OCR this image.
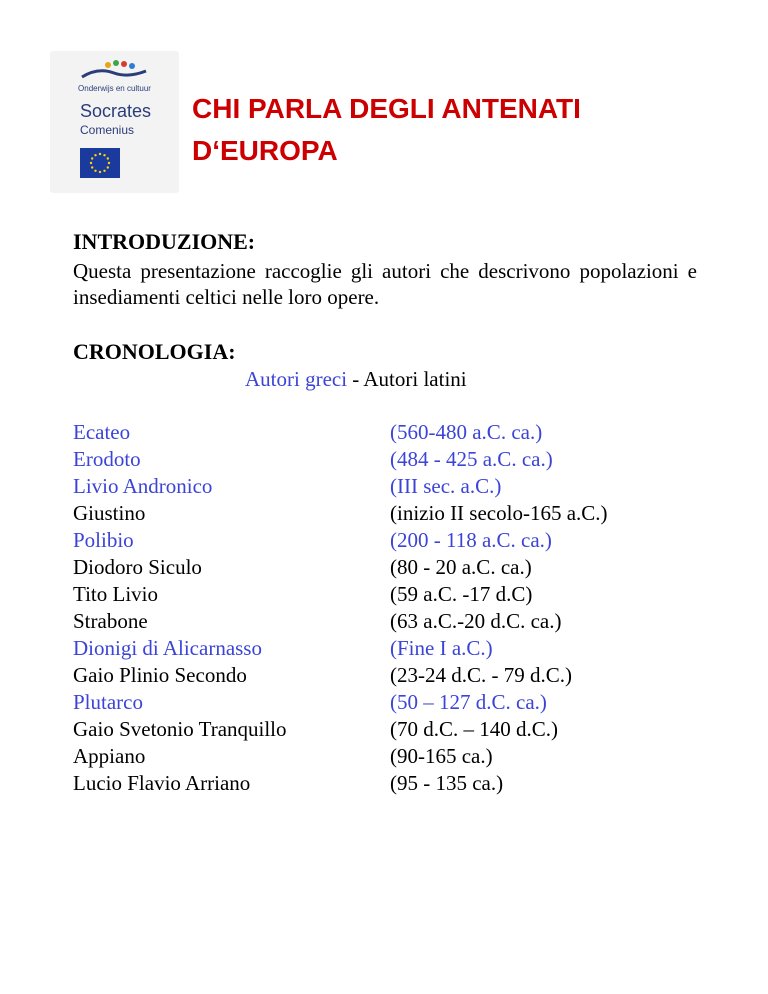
Onderwijs en cultuur
Socrates
Comenius
CHI PARLA DEGLI ANTENATI
D‘EUROPA
INTRODUZIONE:

Questa presentazione raccoglie gli autori che descrivono popolazioni e insediamenti celtici nelle loro opere.

CRONOLOGIA:
Autori greci - Autori latini
Ecateo	(560-480 a.C. ca.)
Erodoto	(484 - 425 a.C. ca.)
Livio Andronico	(III sec. a.C.)
Giustino	(inizio II secolo-165 a.C.)
Polibio	(200 - 118 a.C. ca.)
Diodoro Siculo	(80 - 20 a.C. ca.)
Tito Livio	(59 a.C. -17 d.C)
Strabone	(63 a.C.-20 d.C. ca.)
Dionigi di Alicarnasso	(Fine I a.C.)
Gaio Plinio Secondo	(23-24 d.C. - 79 d.C.)
Plutarco	(50 – 127 d.C. ca.)
Gaio Svetonio Tranquillo	(70 d.C. – 140 d.C.)
Appiano	(90-165 ca.)
Lucio Flavio Arriano	(95 - 135 ca.)
